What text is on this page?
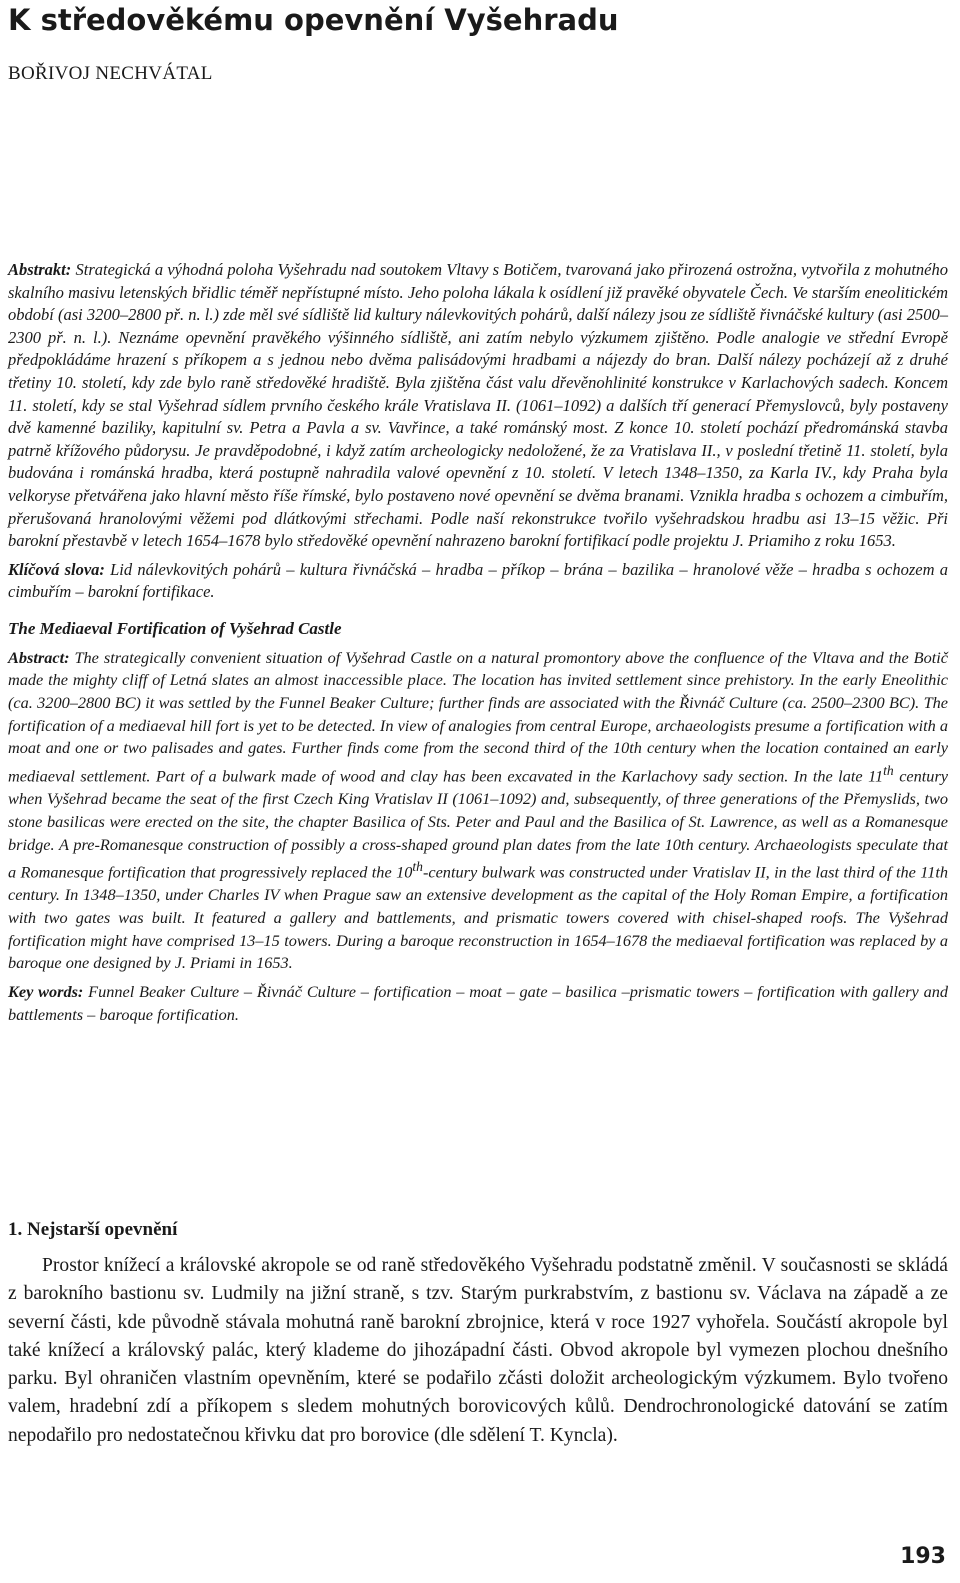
K středověkému opevnění Vyšehradu
BOŘIVOJ NECHVÁTAL

Abstrakt: Strategická a výhodná poloha Vyšehradu nad soutokem Vltavy s Botičem, tvarovaná jako přirozená ostrožna, vytvořila z mohutného skalního masivu letenských břidlic téměř nepřístupné místo. Jeho poloha lákala k osídlení již pravěké obyvatele Čech. Ve starším eneolitickém období (asi 3200–2800 př. n. l.) zde měl své sídliště lid kultury nálevkovitých pohárů, další nálezy jsou ze sídliště řivnáčské kultury (asi 2500–2300 př. n. l.). Neznáme opevnění pravěkého výšinného sídliště, ani zatím nebylo výzkumem zjištěno. Podle analogie ve střední Evropě předpokládáme hrazení s příkopem a s jednou nebo dvěma palisádovými hradbami a nájezdy do bran. Další nálezy pocházejí až z druhé třetiny 10. století, kdy zde bylo raně středověké hradiště. Byla zjištěna část valu dřevěnohlinité konstrukce v Karlachových sadech. Koncem 11. století, kdy se stal Vyšehrad sídlem prvního českého krále Vratislava II. (1061–1092) a dalších tří generací Přemyslovců, byly postaveny dvě kamenné baziliky, kapitulní sv. Petra a Pavla a sv. Vavřince, a také románský most. Z konce 10. století pochází předrománská stavba patrně křížového půdorysu. Je pravděpodobné, i když zatím archeologicky nedoložené, že za Vratislava II., v poslední třetině 11. století, byla budována i románská hradba, která postupně nahradila valové opevnění z 10. století. V letech 1348–1350, za Karla IV., kdy Praha byla velkoryse přetvářena jako hlavní město říše římské, bylo postaveno nové opevnění se dvěma branami. Vznikla hradba s ochozem a cimbuřím, přerušovaná hranolovými věžemi pod dlátkovými střechami. Podle naší rekonstrukce tvořilo vyšehradskou hradbu asi 13–15 věžic. Při barokní přestavbě v letech 1654–1678 bylo středověké opevnění nahrazeno barokní fortifikací podle projektu J. Priamiho z roku 1653.

Klíčová slova: Lid nálevkovitých pohárů – kultura řivnáčská – hradba – příkop – brána – bazilika – hranolové věže – hradba s ochozem a cimbuřím – barokní fortifikace.

The Mediaeval Fortification of Vyšehrad Castle

Abstract: The strategically convenient situation of Vyšehrad Castle on a natural promontory above the confluence of the Vltava and the Botič made the mighty cliff of Letná slates an almost inaccessible place. The location has invited settlement since prehistory. In the early Eneolithic (ca. 3200–2800 BC) it was settled by the Funnel Beaker Culture; further finds are associated with the Řivnáč Culture (ca. 2500–2300 BC). The fortification of a mediaeval hill fort is yet to be detected. In view of analogies from central Europe, archaeologists presume a fortification with a moat and one or two palisades and gates. Further finds come from the second third of the 10th century when the location contained an early mediaeval settlement. Part of a bulwark made of wood and clay has been excavated in the Karlachovy sady section. In the late 11th century when Vyšehrad became the seat of the first Czech King Vratislav II (1061–1092) and, subsequently, of three generations of the Přemyslids, two stone basilicas were erected on the site, the chapter Basilica of Sts. Peter and Paul and the Basilica of St. Lawrence, as well as a Romanesque bridge. A pre-Romanesque construction of possibly a cross-shaped ground plan dates from the late 10th century. Archaeologists speculate that a Romanesque fortification that progressively replaced the 10th-century bulwark was constructed under Vratislav II, in the last third of the 11th century. In 1348–1350, under Charles IV when Prague saw an extensive development as the capital of the Holy Roman Empire, a fortification with two gates was built. It featured a gallery and battlements, and prismatic towers covered with chisel-shaped roofs. The Vyšehrad fortification might have comprised 13–15 towers. During a baroque reconstruction in 1654–1678 the mediaeval fortification was replaced by a baroque one designed by J. Priami in 1653.

Key words: Funnel Beaker Culture – Řivnáč Culture – fortification – moat – gate – basilica –prismatic towers – fortification with gallery and battlements – baroque fortification.

1. Nejstarší opevnění

Prostor knížecí a královské akropole se od raně středověkého Vyšehradu podstatně změnil. V současnosti se skládá z barokního bastionu sv. Ludmily na jižní straně, s tzv. Starým purkrabstvím, z bastionu sv. Václava na západě a ze severní části, kde původně stávala mohutná raně barokní zbrojnice, která v roce 1927 vyhořela. Součástí akropole byl také knížecí a královský palác, který klademe do jihozápadní části. Obvod akropole byl vymezen plochou dnešního parku. Byl ohraničen vlastním opevněním, které se podařilo zčásti doložit archeologickým výzkumem. Bylo tvořeno valem, hradební zdí a příkopem s sledem mohutných borovicových kůlů. Dendrochronologické datování se zatím nepodařilo pro nedostatečnou křivku dat pro borovice (dle sdělení T. Kyncla).

193
